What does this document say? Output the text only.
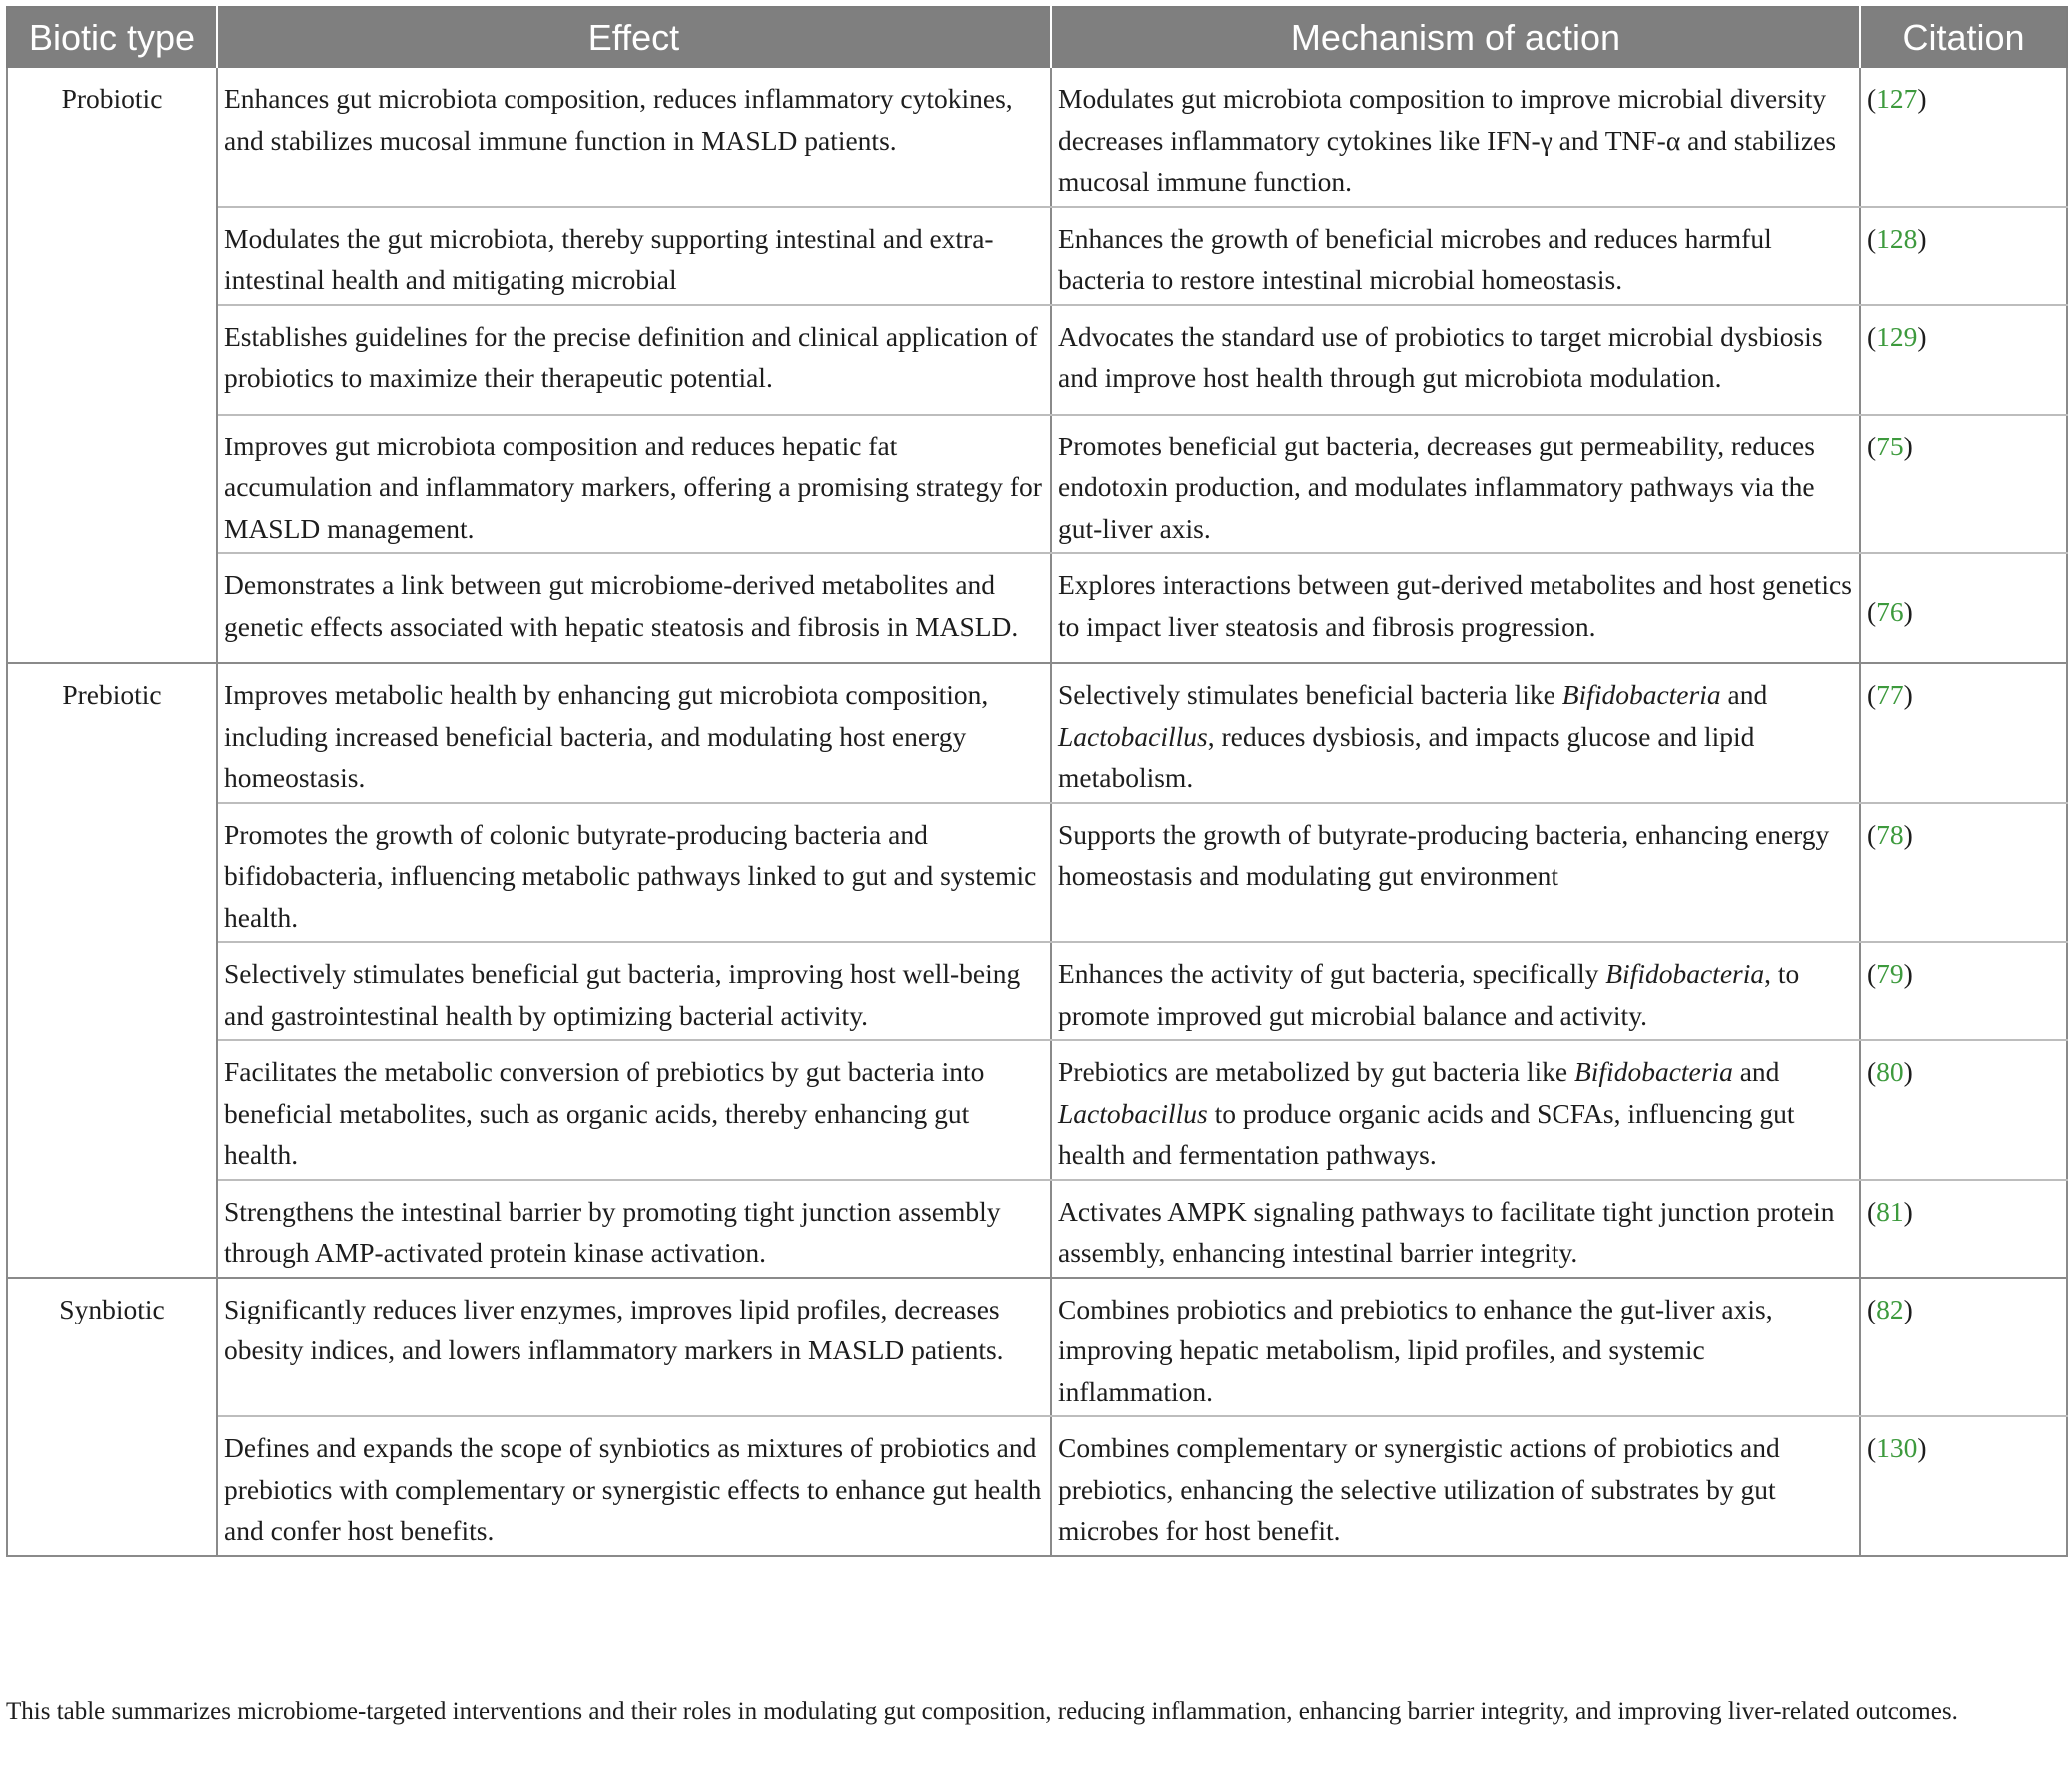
Biotic type	Effect	Mechanism of action	Citation
Probiotic	Enhances gut microbiota composition, reduces inflammatory cytokines, and stabilizes mucosal immune function in MASLD patients.	Modulates gut microbiota composition to improve microbial diversity decreases inflammatory cytokines like IFN-γ and TNF-α and stabilizes mucosal immune function.	(127)
	Modulates the gut microbiota, thereby supporting intestinal and extra-intestinal health and mitigating microbial	Enhances the growth of beneficial microbes and reduces harmful bacteria to restore intestinal microbial homeostasis.	(128)
	Establishes guidelines for the precise definition and clinical application of probiotics to maximize their therapeutic potential.	Advocates the standard use of probiotics to target microbial dysbiosis and improve host health through gut microbiota modulation.	(129)
	Improves gut microbiota composition and reduces hepatic fat accumulation and inflammatory markers, offering a promising strategy for MASLD management.	Promotes beneficial gut bacteria, decreases gut permeability, reduces endotoxin production, and modulates inflammatory pathways via the gut-liver axis.	(75)
	Demonstrates a link between gut microbiome-derived metabolites and genetic effects associated with hepatic steatosis and fibrosis in MASLD.	Explores interactions between gut-derived metabolites and host genetics to impact liver steatosis and fibrosis progression.	(76)
Prebiotic	Improves metabolic health by enhancing gut microbiota composition, including increased beneficial bacteria, and modulating host energy homeostasis.	Selectively stimulates beneficial bacteria like Bifidobacteria and Lactobacillus, reduces dysbiosis, and impacts glucose and lipid metabolism.	(77)
	Promotes the growth of colonic butyrate-producing bacteria and bifidobacteria, influencing metabolic pathways linked to gut and systemic health.	Supports the growth of butyrate-producing bacteria, enhancing energy homeostasis and modulating gut environment	(78)
	Selectively stimulates beneficial gut bacteria, improving host well-being and gastrointestinal health by optimizing bacterial activity.	Enhances the activity of gut bacteria, specifically Bifidobacteria, to promote improved gut microbial balance and activity.	(79)
	Facilitates the metabolic conversion of prebiotics by gut bacteria into beneficial metabolites, such as organic acids, thereby enhancing gut health.	Prebiotics are metabolized by gut bacteria like Bifidobacteria and Lactobacillus to produce organic acids and SCFAs, influencing gut health and fermentation pathways.	(80)
	Strengthens the intestinal barrier by promoting tight junction assembly through AMP-activated protein kinase activation.	Activates AMPK signaling pathways to facilitate tight junction protein assembly, enhancing intestinal barrier integrity.	(81)
Synbiotic	Significantly reduces liver enzymes, improves lipid profiles, decreases obesity indices, and lowers inflammatory markers in MASLD patients.	Combines probiotics and prebiotics to enhance the gut-liver axis, improving hepatic metabolism, lipid profiles, and systemic inflammation.	(82)
	Defines and expands the scope of synbiotics as mixtures of probiotics and prebiotics with complementary or synergistic effects to enhance gut health and confer host benefits.	Combines complementary or synergistic actions of probiotics and prebiotics, enhancing the selective utilization of substrates by gut microbes for host benefit.	(130)
This table summarizes microbiome-targeted interventions and their roles in modulating gut composition, reducing inflammation, enhancing barrier integrity, and improving liver-related outcomes.
